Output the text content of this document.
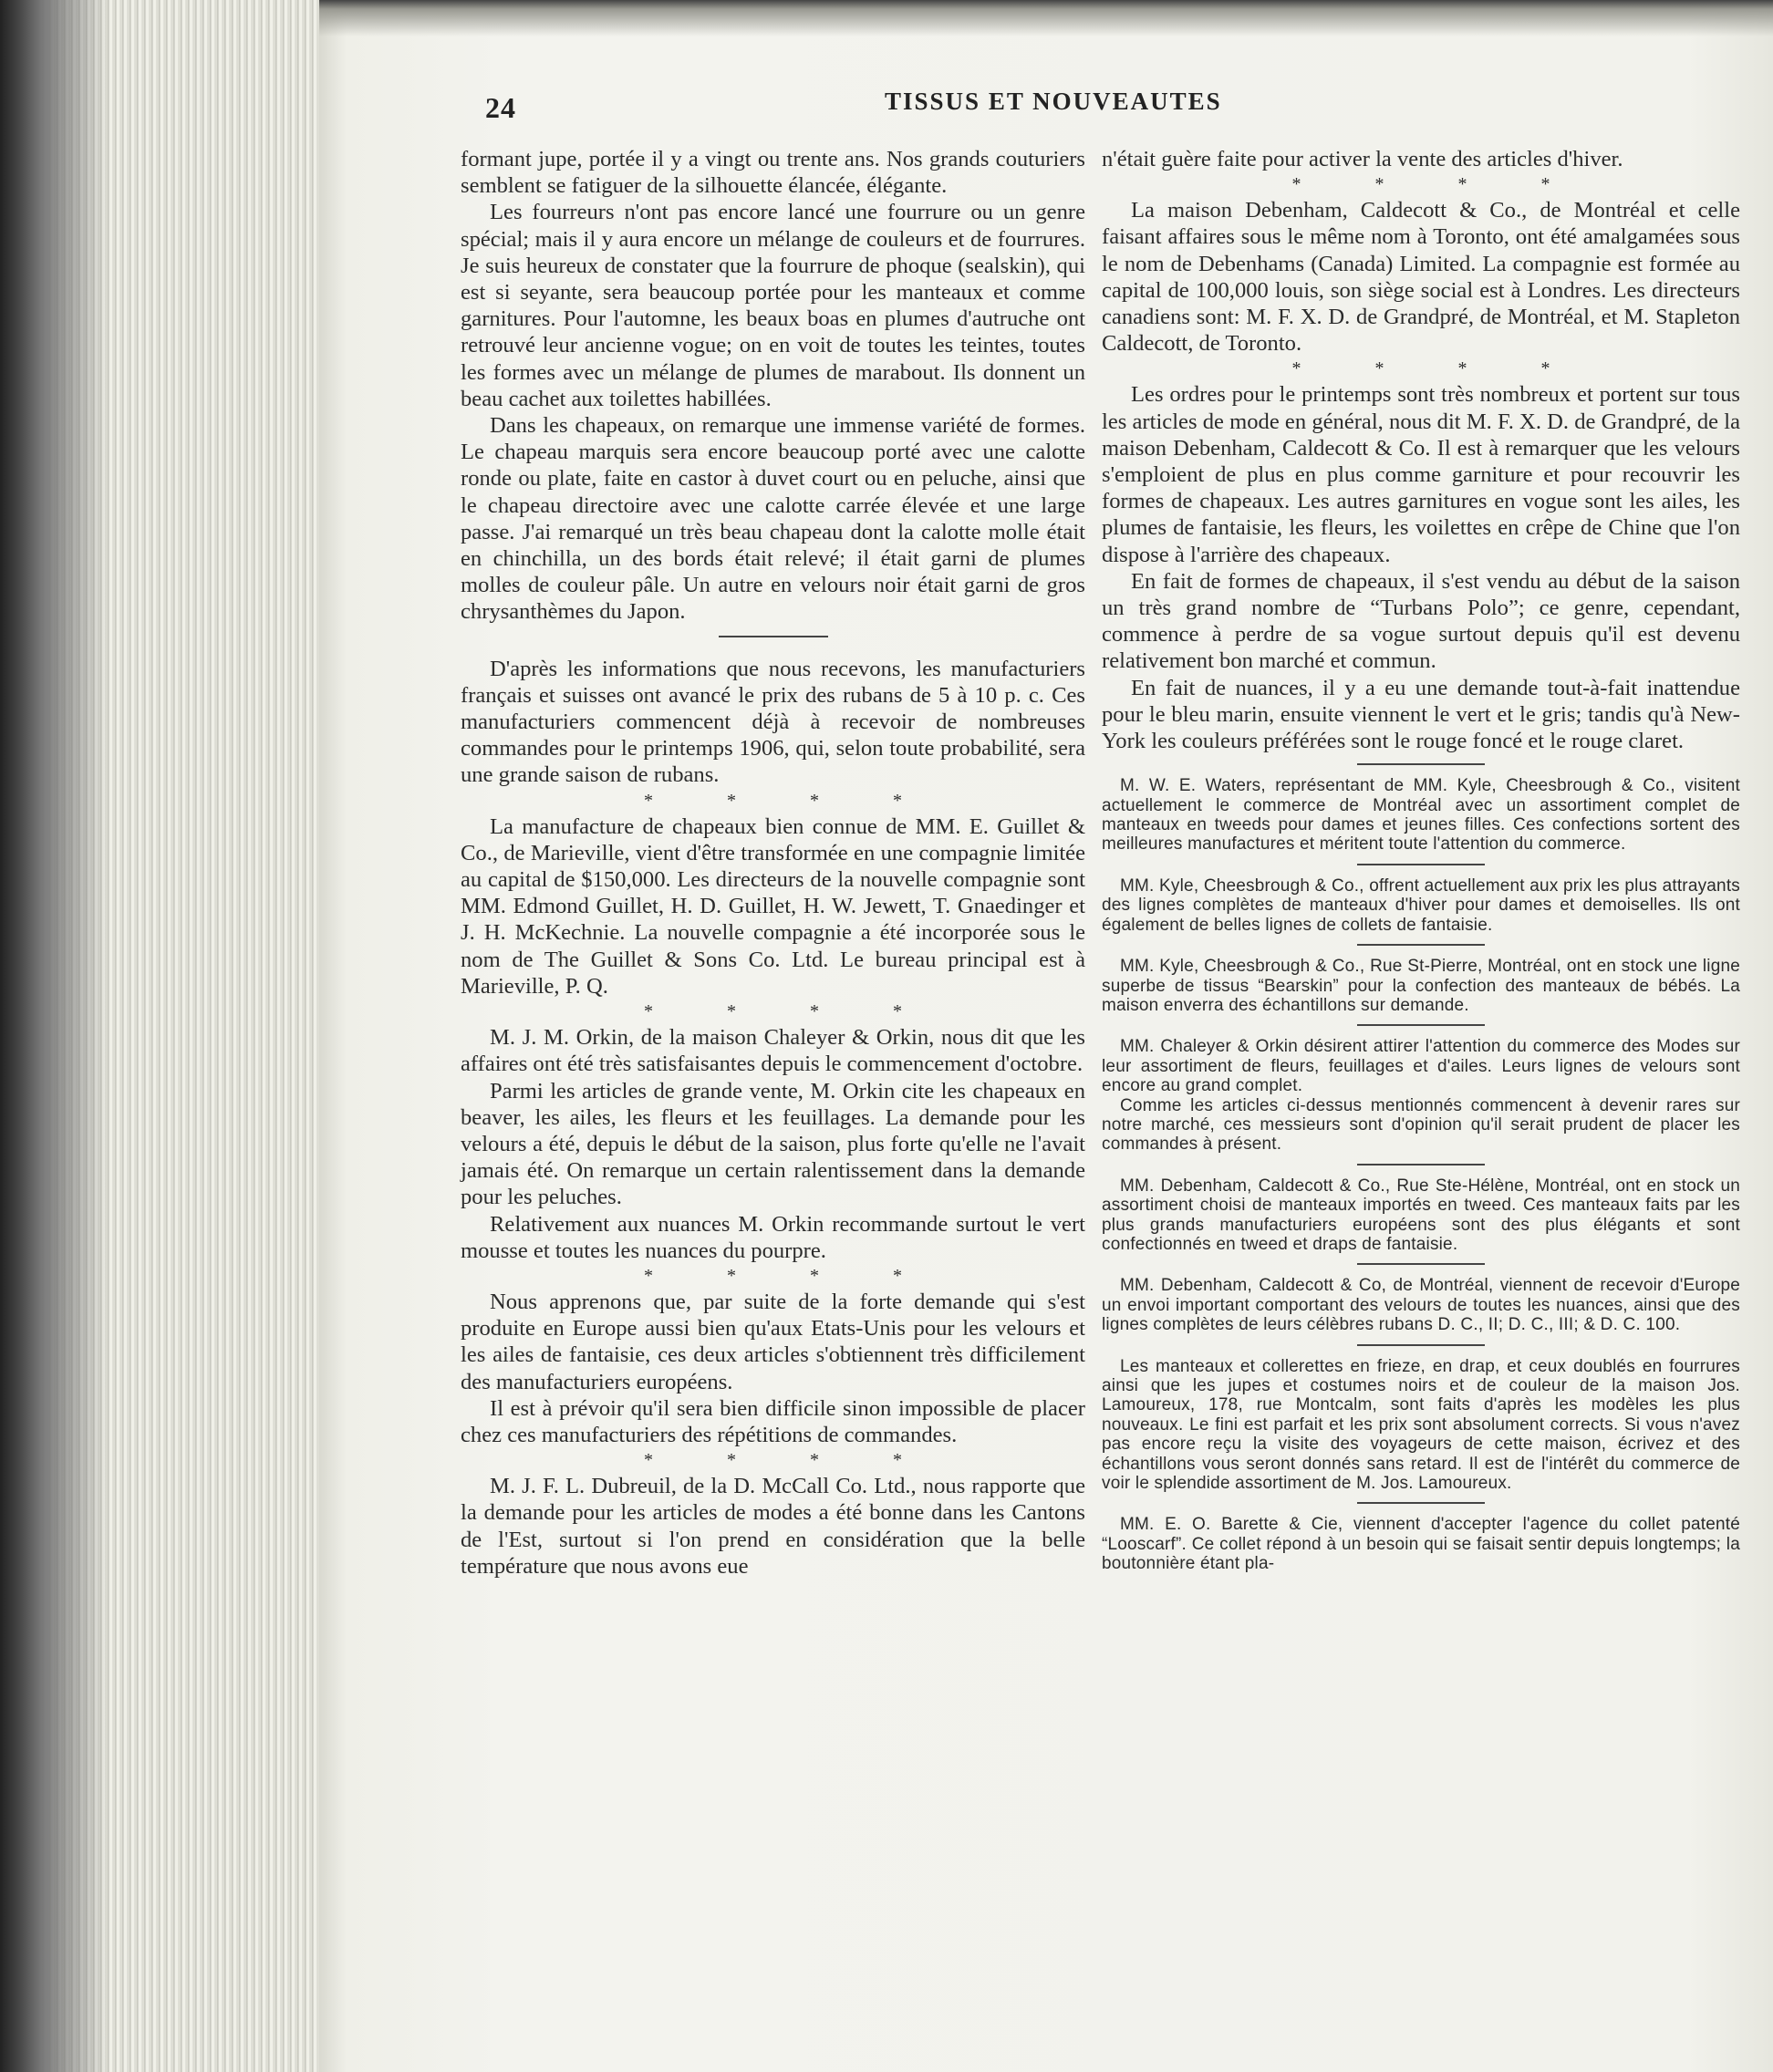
24	TISSUS ET NOUVEAUTES

formant jupe, portée il y a vingt ou trente ans. Nos grands couturiers semblent se fatiguer de la silhouette élancée, élégante.

Les fourreurs n'ont pas encore lancé une fourrure ou un genre spécial; mais il y aura encore un mélange de couleurs et de fourrures. Je suis heureux de constater que la fourrure de phoque (sealskin), qui est si seyante, sera beaucoup portée pour les manteaux et comme garnitures. Pour l'automne, les beaux boas en plumes d'autruche ont retrouvé leur ancienne vogue; on en voit de toutes les teintes, toutes les formes avec un mélange de plumes de marabout. Ils donnent un beau cachet aux toilettes habillées.

Dans les chapeaux, on remarque une immense variété de formes. Le chapeau marquis sera encore beaucoup porté avec une calotte ronde ou plate, faite en castor à duvet court ou en peluche, ainsi que le chapeau directoire avec une calotte carrée élevée et une large passe. J'ai remarqué un très beau chapeau dont la calotte molle était en chinchilla, un des bords était relevé; il était garni de plumes molles de couleur pâle. Un autre en velours noir était garni de gros chrysanthèmes du Japon.

D'après les informations que nous recevons, les manufacturiers français et suisses ont avancé le prix des rubans de 5 à 10 p. c. Ces manufacturiers commencent déjà à recevoir de nombreuses commandes pour le printemps 1906, qui, selon toute probabilité, sera une grande saison de rubans.

* * * *

La manufacture de chapeaux bien connue de MM. E. Guillet & Co., de Marieville, vient d'être transformée en une compagnie limitée au capital de $150,000. Les directeurs de la nouvelle compagnie sont MM. Edmond Guillet, H. D. Guillet, H. W. Jewett, T. Gnaedinger et J. H. McKechnie. La nouvelle compagnie a été incorporée sous le nom de The Guillet & Sons Co. Ltd. Le bureau principal est à Marieville, P. Q.

* * * *

M. J. M. Orkin, de la maison Chaleyer & Orkin, nous dit que les affaires ont été très satisfaisantes depuis le commencement d'octobre.

Parmi les articles de grande vente, M. Orkin cite les chapeaux en beaver, les ailes, les fleurs et les feuillages. La demande pour les velours a été, depuis le début de la saison, plus forte qu'elle ne l'avait jamais été. On remarque un certain ralentissement dans la demande pour les peluches.

Relativement aux nuances M. Orkin recommande surtout le vert mousse et toutes les nuances du pourpre.

* * * *

Nous apprenons que, par suite de la forte demande qui s'est produite en Europe aussi bien qu'aux Etats-Unis pour les velours et les ailes de fantaisie, ces deux articles s'obtiennent très difficilement des manufacturiers européens.

Il est à prévoir qu'il sera bien difficile sinon impossible de placer chez ces manufacturiers des répétitions de commandes.

* * * *

M. J. F. L. Dubreuil, de la D. McCall Co. Ltd., nous rapporte que la demande pour les articles de modes a été bonne dans les Cantons de l'Est, surtout si l'on prend en considération que la belle température que nous avons eue

n'était guère faite pour activer la vente des articles d'hiver.

* * * *

La maison Debenham, Caldecott & Co., de Montréal et celle faisant affaires sous le même nom à Toronto, ont été amalgamées sous le nom de Debenhams (Canada) Limited. La compagnie est formée au capital de 100,000 louis, son siège social est à Londres. Les directeurs canadiens sont: M. F. X. D. de Grandpré, de Montréal, et M. Stapleton Caldecott, de Toronto.

* * * *

Les ordres pour le printemps sont très nombreux et portent sur tous les articles de mode en général, nous dit M. F. X. D. de Grandpré, de la maison Debenham, Caldecott & Co. Il est à remarquer que les velours s'emploient de plus en plus comme garniture et pour recouvrir les formes de chapeaux. Les autres garnitures en vogue sont les ailes, les plumes de fantaisie, les fleurs, les voilettes en crêpe de Chine que l'on dispose à l'arrière des chapeaux.

En fait de formes de chapeaux, il s'est vendu au début de la saison un très grand nombre de “Turbans Polo”; ce genre, cependant, commence à perdre de sa vogue surtout depuis qu'il est devenu relativement bon marché et commun.

En fait de nuances, il y a eu une demande tout-à-fait inattendue pour le bleu marin, ensuite viennent le vert et le gris; tandis qu'à New-York les couleurs préférées sont le rouge foncé et le rouge claret.

M. W. E. Waters, représentant de MM. Kyle, Cheesbrough & Co., visitent actuellement le commerce de Montréal avec un assortiment complet de manteaux en tweeds pour dames et jeunes filles. Ces confections sortent des meilleures manufactures et méritent toute l'attention du commerce.

MM. Kyle, Cheesbrough & Co., offrent actuellement aux prix les plus attrayants des lignes complètes de manteaux d'hiver pour dames et demoiselles. Ils ont également de belles lignes de collets de fantaisie.

MM. Kyle, Cheesbrough & Co., Rue St-Pierre, Montréal, ont en stock une ligne superbe de tissus “Bearskin” pour la confection des manteaux de bébés. La maison enverra des échantillons sur demande.

MM. Chaleyer & Orkin désirent attirer l'attention du commerce des Modes sur leur assortiment de fleurs, feuillages et d'ailes. Leurs lignes de velours sont encore au grand complet.

Comme les articles ci-dessus mentionnés commencent à devenir rares sur notre marché, ces messieurs sont d'opinion qu'il serait prudent de placer les commandes à présent.

MM. Debenham, Caldecott & Co., Rue Ste-Hélène, Montréal, ont en stock un assortiment choisi de manteaux importés en tweed. Ces manteaux faits par les plus grands manufacturiers européens sont des plus élégants et sont confectionnés en tweed et draps de fantaisie.

MM. Debenham, Caldecott & Co, de Montréal, viennent de recevoir d'Europe un envoi important comportant des velours de toutes les nuances, ainsi que des lignes complètes de leurs célèbres rubans D. C., II; D. C., III; & D. C. 100.

Les manteaux et collerettes en frieze, en drap, et ceux doublés en fourrures ainsi que les jupes et costumes noirs et de couleur de la maison Jos. Lamoureux, 178, rue Montcalm, sont faits d'après les modèles les plus nouveaux. Le fini est parfait et les prix sont absolument corrects. Si vous n'avez pas encore reçu la visite des voyageurs de cette maison, écrivez et des échantillons vous seront donnés sans retard. Il est de l'intérêt du commerce de voir le splendide assortiment de M. Jos. Lamoureux.

MM. E. O. Barette & Cie, viennent d'accepter l'agence du collet patenté “Looscarf”. Ce collet répond à un besoin qui se faisait sentir depuis longtemps; la boutonnière étant pla-
